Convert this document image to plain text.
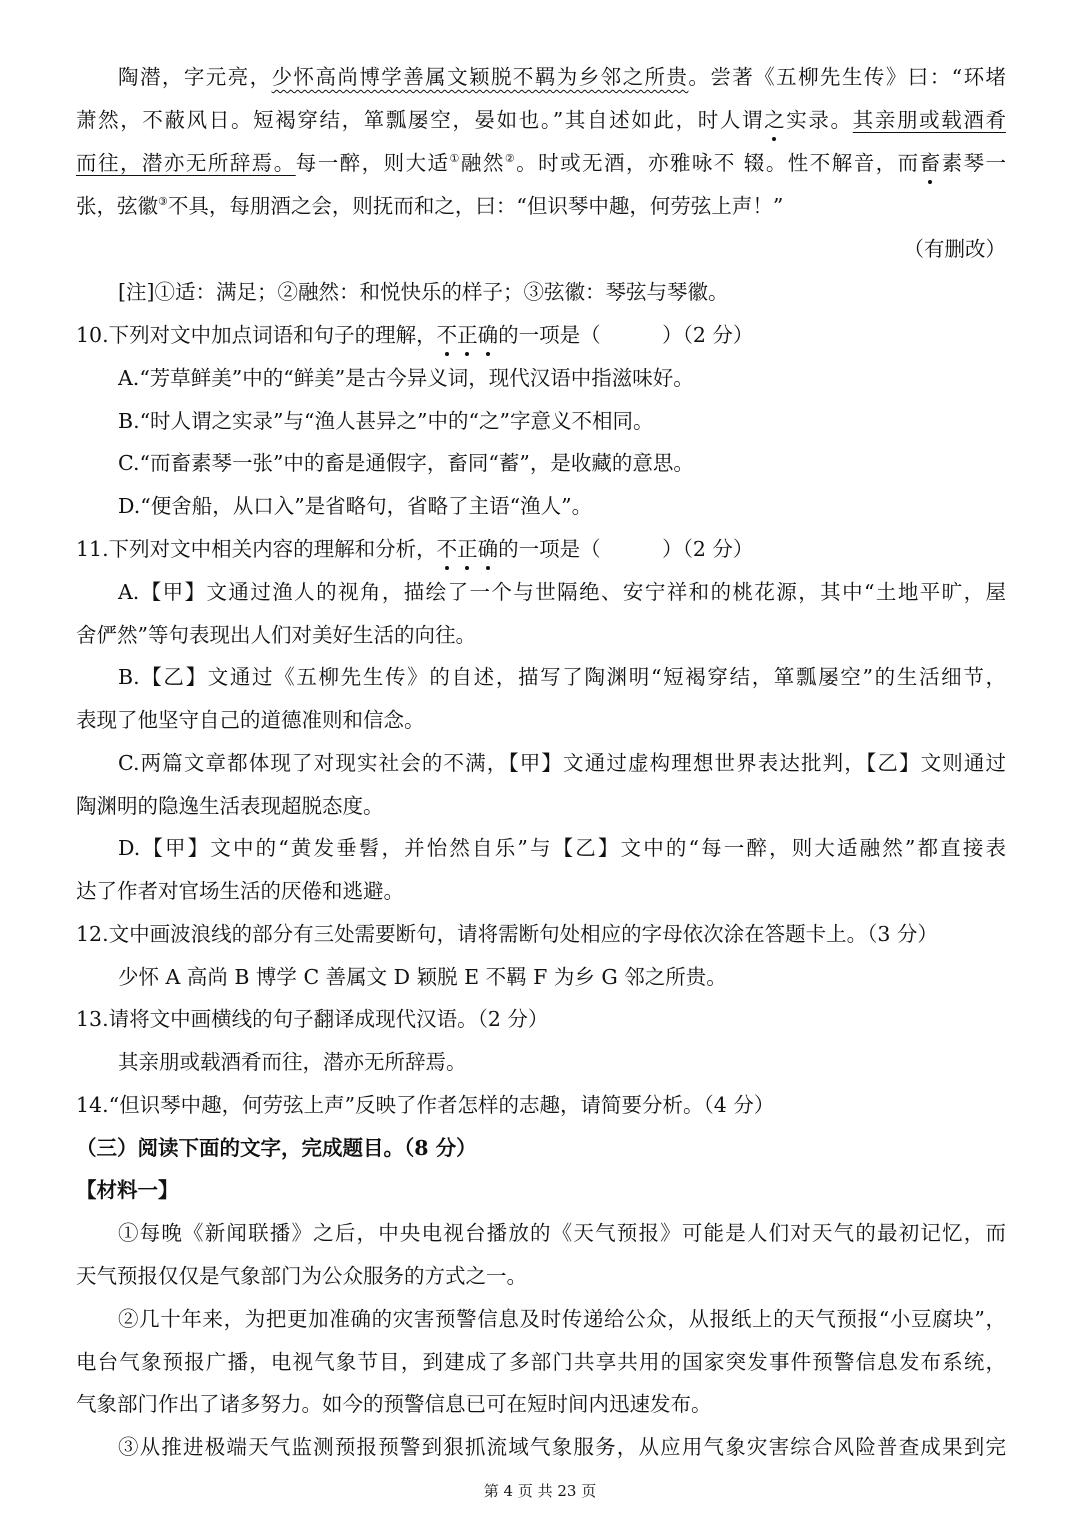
陶潜，字元亮，少怀高尚博学善属文颖脱不羁为乡邻之所贵。尝著《五柳先生传》曰：“环堵
萧然，不蔽风日。短褐穿结，箪瓢屡空，晏如也。”其自述如此，时人谓之实录。其亲朋或载酒肴
而往，潜亦无所辞焉。每一醉，则大适①融然②。时或无酒，亦雅咏不 辍。性不解音，而畜素琴一
张，弦徽③不具，每朋酒之会，则抚而和之，曰：“但识琴中趣，何劳弦上声！”
（有删改）
[注]①适：满足；②融然：和悦快乐的样子；③弦徽：琴弦与琴徽。
10.下列对文中加点词语和句子的理解，不正确的一项是（　　　）（2 分）
A.“芳草鲜美”中的“鲜美”是古今异义词，现代汉语中指滋味好。
B.“时人谓之实录”与“渔人甚异之”中的“之”字意义不相同。
C.“而畜素琴一张”中的畜是通假字，畜同“蓄”，是收藏的意思。
D.“便舍船，从口入”是省略句，省略了主语“渔人”。
11.下列对文中相关内容的理解和分析，不正确的一项是（　　　）（2 分）
A.【甲】文通过渔人的视角，描绘了一个与世隔绝、安宁祥和的桃花源，其中“土地平旷，屋
舍俨然”等句表现出人们对美好生活的向往。
B.【乙】文通过《五柳先生传》的自述，描写了陶渊明“短褐穿结，箪瓢屡空”的生活细节，
表现了他坚守自己的道德准则和信念。
C.两篇文章都体现了对现实社会的不满，【甲】文通过虚构理想世界表达批判，【乙】文则通过
陶渊明的隐逸生活表现超脱态度。
D.【甲】文中的“黄发垂髫，并怡然自乐”与【乙】文中的“每一醉，则大适融然”都直接表
达了作者对官场生活的厌倦和逃避。
12.文中画波浪线的部分有三处需要断句，请将需断句处相应的字母依次涂在答题卡上。（3 分）
少怀 A 高尚 B 博学 C 善属文 D 颖脱 E 不羁 F 为乡 G 邻之所贵。
13.请将文中画横线的句子翻译成现代汉语。（2 分）
其亲朋或载酒肴而往，潜亦无所辞焉。
14.“但识琴中趣，何劳弦上声”反映了作者怎样的志趣，请简要分析。（4 分）
（三）阅读下面的文字，完成题目。（8 分）
【材料一】
①每晚《新闻联播》之后，中央电视台播放的《天气预报》可能是人们对天气的最初记忆，而
天气预报仅仅是气象部门为公众服务的方式之一。
②几十年来，为把更加准确的灾害预警信息及时传递给公众，从报纸上的天气预报“小豆腐块”，
电台气象预报广播，电视气象节目，到建成了多部门共享共用的国家突发事件预警信息发布系统，
气象部门作出了诸多努力。如今的预警信息已可在短时间内迅速发布。
③从推进极端天气监测预报预警到狠抓流域气象服务，从应用气象灾害综合风险普查成果到完
第 4 页 共 23 页
